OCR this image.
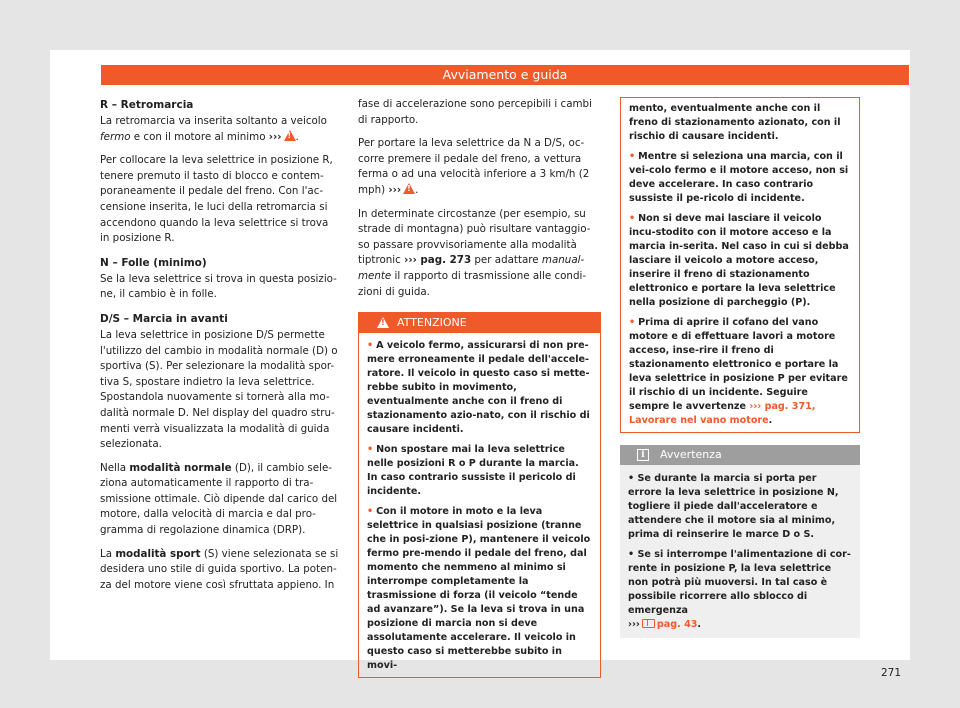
Avviamento e guida
R – Retromarcia

La retromarcia va inserita soltanto a veicolo fermo e con il motore al minimo ››› ! .

Per collocare la leva selettrice in posizione R, tenere premuto il tasto di blocco e contem-poraneamente il pedale del freno. Con l'ac-censione inserita, le luci della retromarcia si accendono quando la leva selettrice si trova in posizione R.

N – Folle (minimo)

Se la leva selettrice si trova in questa posizio-ne, il cambio è in folle.

D/S – Marcia in avanti

La leva selettrice in posizione D/S permette l'utilizzo del cambio in modalità normale (D) o sportiva (S). Per selezionare la modalità spor-tiva S, spostare indietro la leva selettrice. Spostandola nuovamente si tornerà alla mo-dalità normale D. Nel display del quadro stru-menti verrà visualizzata la modalità di guida selezionata.

Nella modalità normale (D), il cambio sele-ziona automaticamente il rapporto di tra-smissione ottimale. Ciò dipende dal carico del motore, dalla velocità di marcia e dal pro-gramma di regolazione dinamica (DRP).

La modalità sport (S) viene selezionata se si desidera uno stile di guida sportivo. La poten-za del motore viene così sfruttata appieno. In

fase di accelerazione sono percepibili i cambi di rapporto.

Per portare la leva selettrice da N a D/S, oc-corre premere il pedale del freno, a vettura ferma o ad una velocità inferiore a 3 km/h (2 mph) ››› ! .

In determinate circostanze (per esempio, su strade di montagna) può risultare vantaggio-so passare provvisoriamente alla modalità tiptronic ››› pag. 273 per adattare manual-mente il rapporto di trasmissione alle condi-zioni di guida.

!
ATTENZIONE
• A veicolo fermo, assicurarsi di non pre-mere erroneamente il pedale dell'accele-ratore. Il veicolo in questo caso si mette-rebbe subito in movimento, eventualmente anche con il freno di stazionamento azio-nato, con il rischio di causare incidenti.
• Non spostare mai la leva selettrice nelle posizioni R o P durante la marcia. In caso contrario sussiste il pericolo di incidente.
• Con il motore in moto e la leva selettrice in qualsiasi posizione (tranne che in posi-zione P), mantenere il veicolo fermo pre-mendo il pedale del freno, dal momento che nemmeno al minimo si interrompe completamente la trasmissione di forza (il veicolo “tende ad avanzare”). Se la leva si trova in una posizione di marcia non si deve assolutamente accelerare. Il veicolo in questo caso si metterebbe subito in movi-
mento, eventualmente anche con il freno di stazionamento azionato, con il rischio di causare incidenti.
• Mentre si seleziona una marcia, con il vei-colo fermo e il motore acceso, non si deve accelerare. In caso contrario sussiste il pe-ricolo di incidente.
• Non si deve mai lasciare il veicolo incu-stodito con il motore acceso e la marcia in-serita. Nel caso in cui si debba lasciare il veicolo a motore acceso, inserire il freno di stazionamento elettronico e portare la leva selettrice nella posizione di parcheggio (P).
• Prima di aprire il cofano del vano motore e di effettuare lavori a motore acceso, inse-rire il freno di stazionamento elettronico e portare la leva selettrice in posizione P per evitare il rischio di un incidente. Seguire sempre le avvertenze ››› pag. 371, Lavorare nel vano motore.
i	Avvertenza
• Se durante la marcia si porta per errore la leva selettrice in posizione N, togliere il piede dall'acceleratore e attendere che il motore sia al minimo, prima di reinserire le marce D o S.
• Se si interrompe l'alimentazione di cor-rente in posizione P, la leva selettrice non potrà più muoversi. In tal caso è possibile ricorrere allo sblocco di emergenza
››› pag. 43.
271
